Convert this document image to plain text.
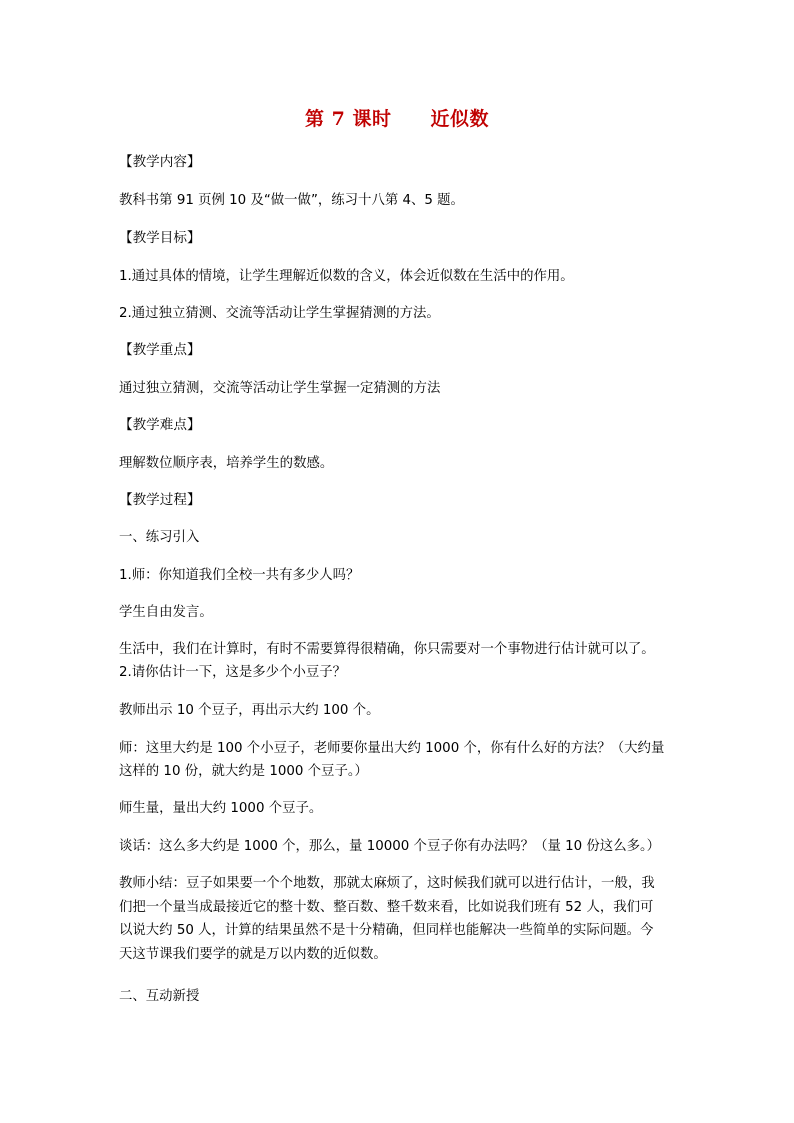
第 7 课时　　近似数
【教学内容】
教科书第 91 页例 10 及“做一做”，练习十八第 4、5 题。
【教学目标】
1.通过具体的情境，让学生理解近似数的含义，体会近似数在生活中的作用。
2.通过独立猜测、交流等活动让学生掌握猜测的方法。
【教学重点】
通过独立猜测，交流等活动让学生掌握一定猜测的方法
【教学难点】
理解数位顺序表，培养学生的数感。
【教学过程】
一、练习引入
1.师：你知道我们全校一共有多少人吗？
学生自由发言。
生活中，我们在计算时，有时不需要算得很精确，你只需要对一个事物进行估计就可以了。
2.请你估计一下，这是多少个小豆子？
教师出示 10 个豆子，再出示大约 100 个。
师：这里大约是 100 个小豆子，老师要你量出大约 1000 个，你有什么好的方法？（大约量
这样的 10 份，就大约是 1000 个豆子。）
师生量，量出大约 1000 个豆子。
谈话：这么多大约是 1000 个，那么，量 10000 个豆子你有办法吗？（量 10 份这么多。）
教师小结：豆子如果要一个个地数，那就太麻烦了，这时候我们就可以进行估计，一般，我
们把一个量当成最接近它的整十数、整百数、整千数来看，比如说我们班有 52 人，我们可
以说大约 50 人，计算的结果虽然不是十分精确，但同样也能解决一些简单的实际问题。今
天这节课我们要学的就是万以内数的近似数。
二、互动新授
